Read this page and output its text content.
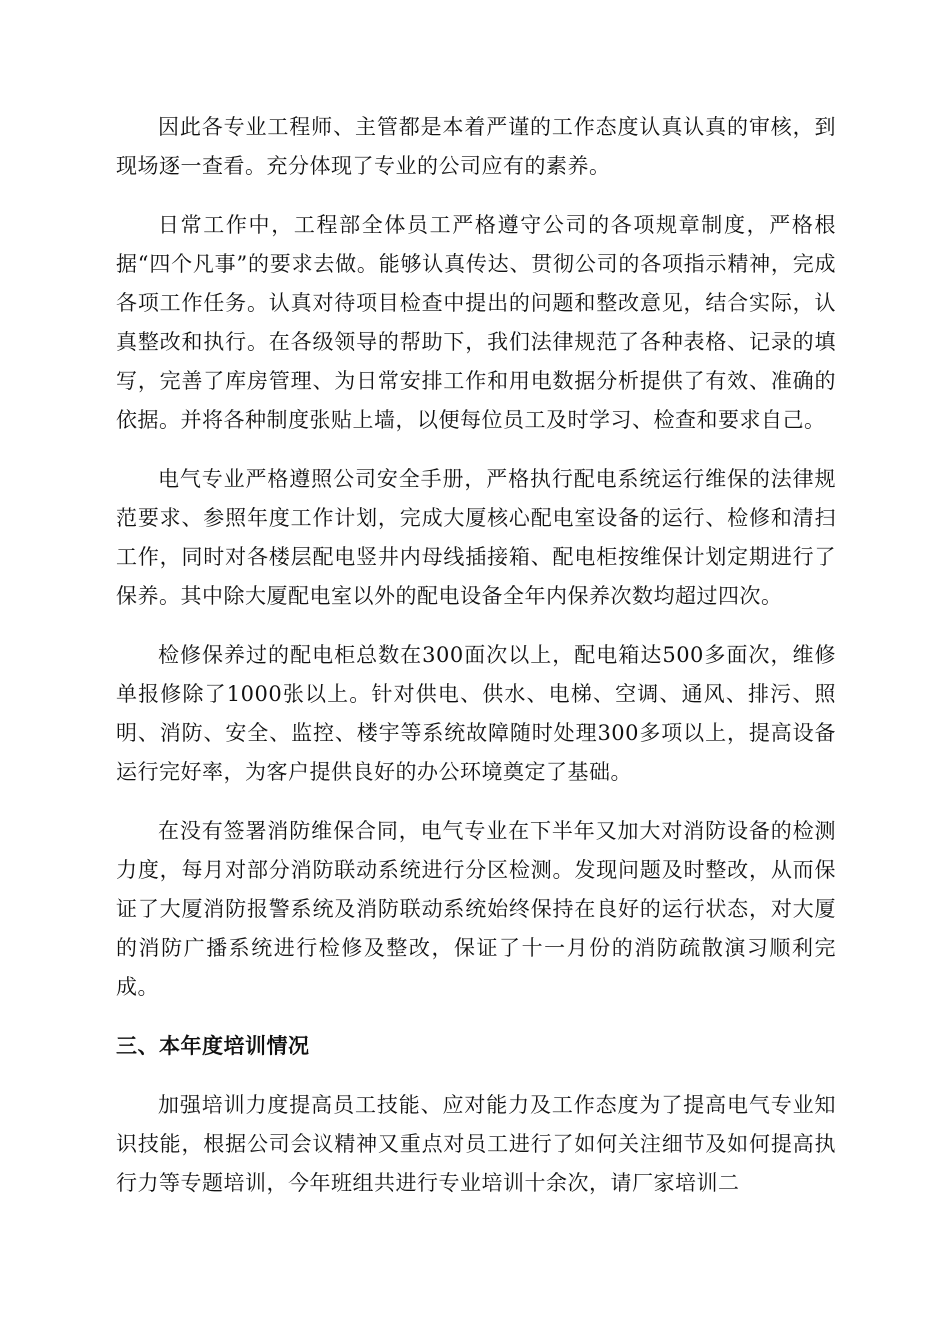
因此各专业工程师、主管都是本着严谨的工作态度认真认真的审核，到现场逐一查看。充分体现了专业的公司应有的素养。

日常工作中，工程部全体员工严格遵守公司的各项规章制度，严格根据“四个凡事”的要求去做。能够认真传达、贯彻公司的各项指示精神，完成各项工作任务。认真对待项目检查中提出的问题和整改意见，结合实际，认真整改和执行。在各级领导的帮助下，我们法律规范了各种表格、记录的填写，完善了库房管理、为日常安排工作和用电数据分析提供了有效、准确的依据。并将各种制度张贴上墙，以便每位员工及时学习、检查和要求自己。

电气专业严格遵照公司安全手册，严格执行配电系统运行维保的法律规范要求、参照年度工作计划，完成大厦核心配电室设备的运行、检修和清扫工作，同时对各楼层配电竖井内母线插接箱、配电柜按维保计划定期进行了保养。其中除大厦配电室以外的配电设备全年内保养次数均超过四次。

检修保养过的配电柜总数在300面次以上，配电箱达500多面次，维修单报修除了1000张以上。针对供电、供水、电梯、空调、通风、排污、照明、消防、安全、监控、楼宇等系统故障随时处理300多项以上，提高设备运行完好率，为客户提供良好的办公环境奠定了基础。

在没有签署消防维保合同，电气专业在下半年又加大对消防设备的检测力度，每月对部分消防联动系统进行分区检测。发现问题及时整改，从而保证了大厦消防报警系统及消防联动系统始终保持在良好的运行状态，对大厦的消防广播系统进行检修及整改，保证了十一月份的消防疏散演习顺利完成。

三、本年度培训情况

加强培训力度提高员工技能、应对能力及工作态度为了提高电气专业知识技能，根据公司会议精神又重点对员工进行了如何关注细节及如何提高执行力等专题培训，今年班组共进行专业培训十余次，请厂家培训二
